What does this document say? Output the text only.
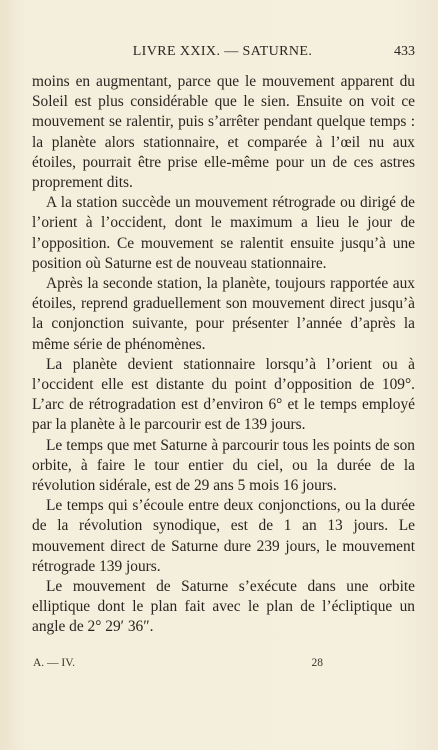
LIVRE XXIX. — SATURNE.	433

moins en augmentant, parce que le mouvement apparent du Soleil est plus considérable que le sien. Ensuite on voit ce mouvement se ralentir, puis s’arrêter pendant quelque temps : la planète alors stationnaire, et comparée à l’œil nu aux étoiles, pourrait être prise elle-même pour un de ces astres proprement dits.

A la station succède un mouvement rétrograde ou dirigé de l’orient à l’occident, dont le maximum a lieu le jour de l’opposition. Ce mouvement se ralentit ensuite jusqu’à une position où Saturne est de nouveau stationnaire.

Après la seconde station, la planète, toujours rapportée aux étoiles, reprend graduellement son mouvement direct jusqu’à la conjonction suivante, pour présenter l’année d’après la même série de phénomènes.

La planète devient stationnaire lorsqu’à l’orient ou à l’occident elle est distante du point d’opposition de 109°. L’arc de rétrogradation est d’environ 6° et le temps employé par la planète à le parcourir est de 139 jours.

Le temps que met Saturne à parcourir tous les points de son orbite, à faire le tour entier du ciel, ou la durée de la révolution sidérale, est de 29 ans 5 mois 16 jours.

Le temps qui s’écoule entre deux conjonctions, ou la durée de la révolution synodique, est de 1 an 13 jours. Le mouvement direct de Saturne dure 239 jours, le mouvement rétrograde 139 jours.

Le mouvement de Saturne s’exécute dans une orbite elliptique dont le plan fait avec le plan de l’écliptique un angle de 2° 29′ 36″.

A. — IV.	28
